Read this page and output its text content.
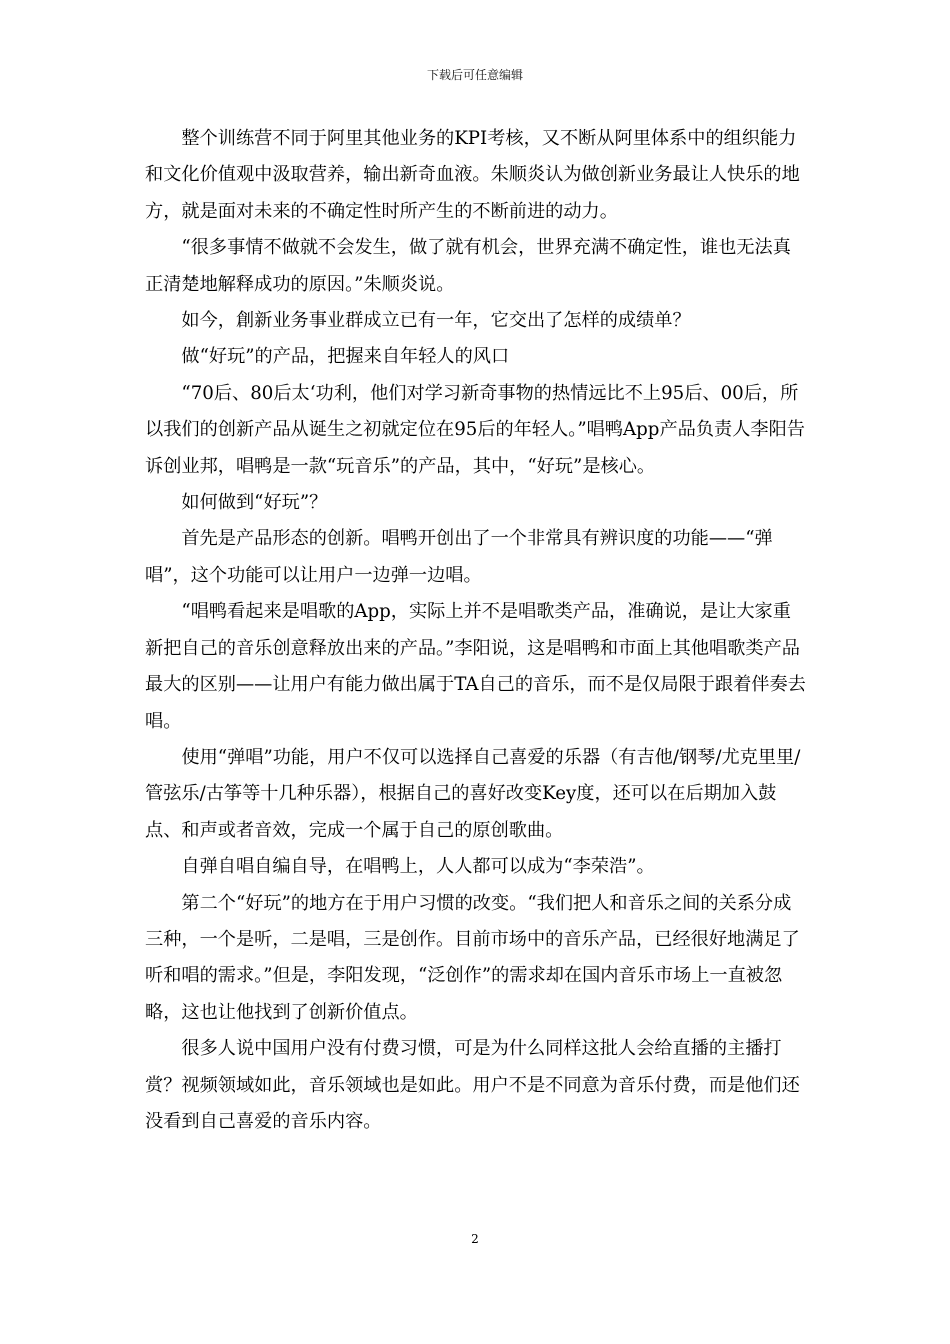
下载后可任意编辑

整个训练营不同于阿里其他业务的KPI考核，又不断从阿里体系中的组织能力和文化价值观中汲取营养，输出新奇血液。朱顺炎认为做创新业务最让人快乐的地方，就是面对未来的不确定性时所产生的不断前进的动力。

“很多事情不做就不会发生，做了就有机会，世界充满不确定性，谁也无法真正清楚地解释成功的原因。”朱顺炎说。

如今，創新业务事业群成立已有一年，它交出了怎样的成绩单？

做“好玩”的产品，把握来自年轻人的风口

“70后、80后太‘功利，他们对学习新奇事物的热情远比不上95后、00后，所以我们的创新产品从诞生之初就定位在95后的年轻人。”唱鸭App产品负责人李阳告诉创业邦，唱鸭是一款“玩音乐”的产品，其中，“好玩”是核心。

如何做到“好玩”？

首先是产品形态的创新。唱鸭开创出了一个非常具有辨识度的功能——“弹唱”，这个功能可以让用户一边弹一边唱。

“唱鸭看起来是唱歌的App，实际上并不是唱歌类产品，准确说，是让大家重新把自己的音乐创意释放出来的产品。”李阳说，这是唱鸭和市面上其他唱歌类产品最大的区别——让用户有能力做出属于TA自己的音乐，而不是仅局限于跟着伴奏去唱。

使用“弹唱”功能，用户不仅可以选择自己喜爱的乐器（有吉他/钢琴/尤克里里/管弦乐/古筝等十几种乐器），根据自己的喜好改变Key度，还可以在后期加入鼓点、和声或者音效，完成一个属于自己的原创歌曲。

自弹自唱自编自导，在唱鸭上，人人都可以成为“李荣浩”。

第二个“好玩”的地方在于用户习惯的改变。“我们把人和音乐之间的关系分成三种，一个是听，二是唱，三是创作。目前市场中的音乐产品，已经很好地满足了听和唱的需求。”但是，李阳发现，“泛创作”的需求却在国内音乐市场上一直被忽略，这也让他找到了创新价值点。

很多人说中国用户没有付费习惯，可是为什么同样这批人会给直播的主播打赏？视频领域如此，音乐领域也是如此。用户不是不同意为音乐付费，而是他们还没看到自己喜爱的音乐内容。

2
